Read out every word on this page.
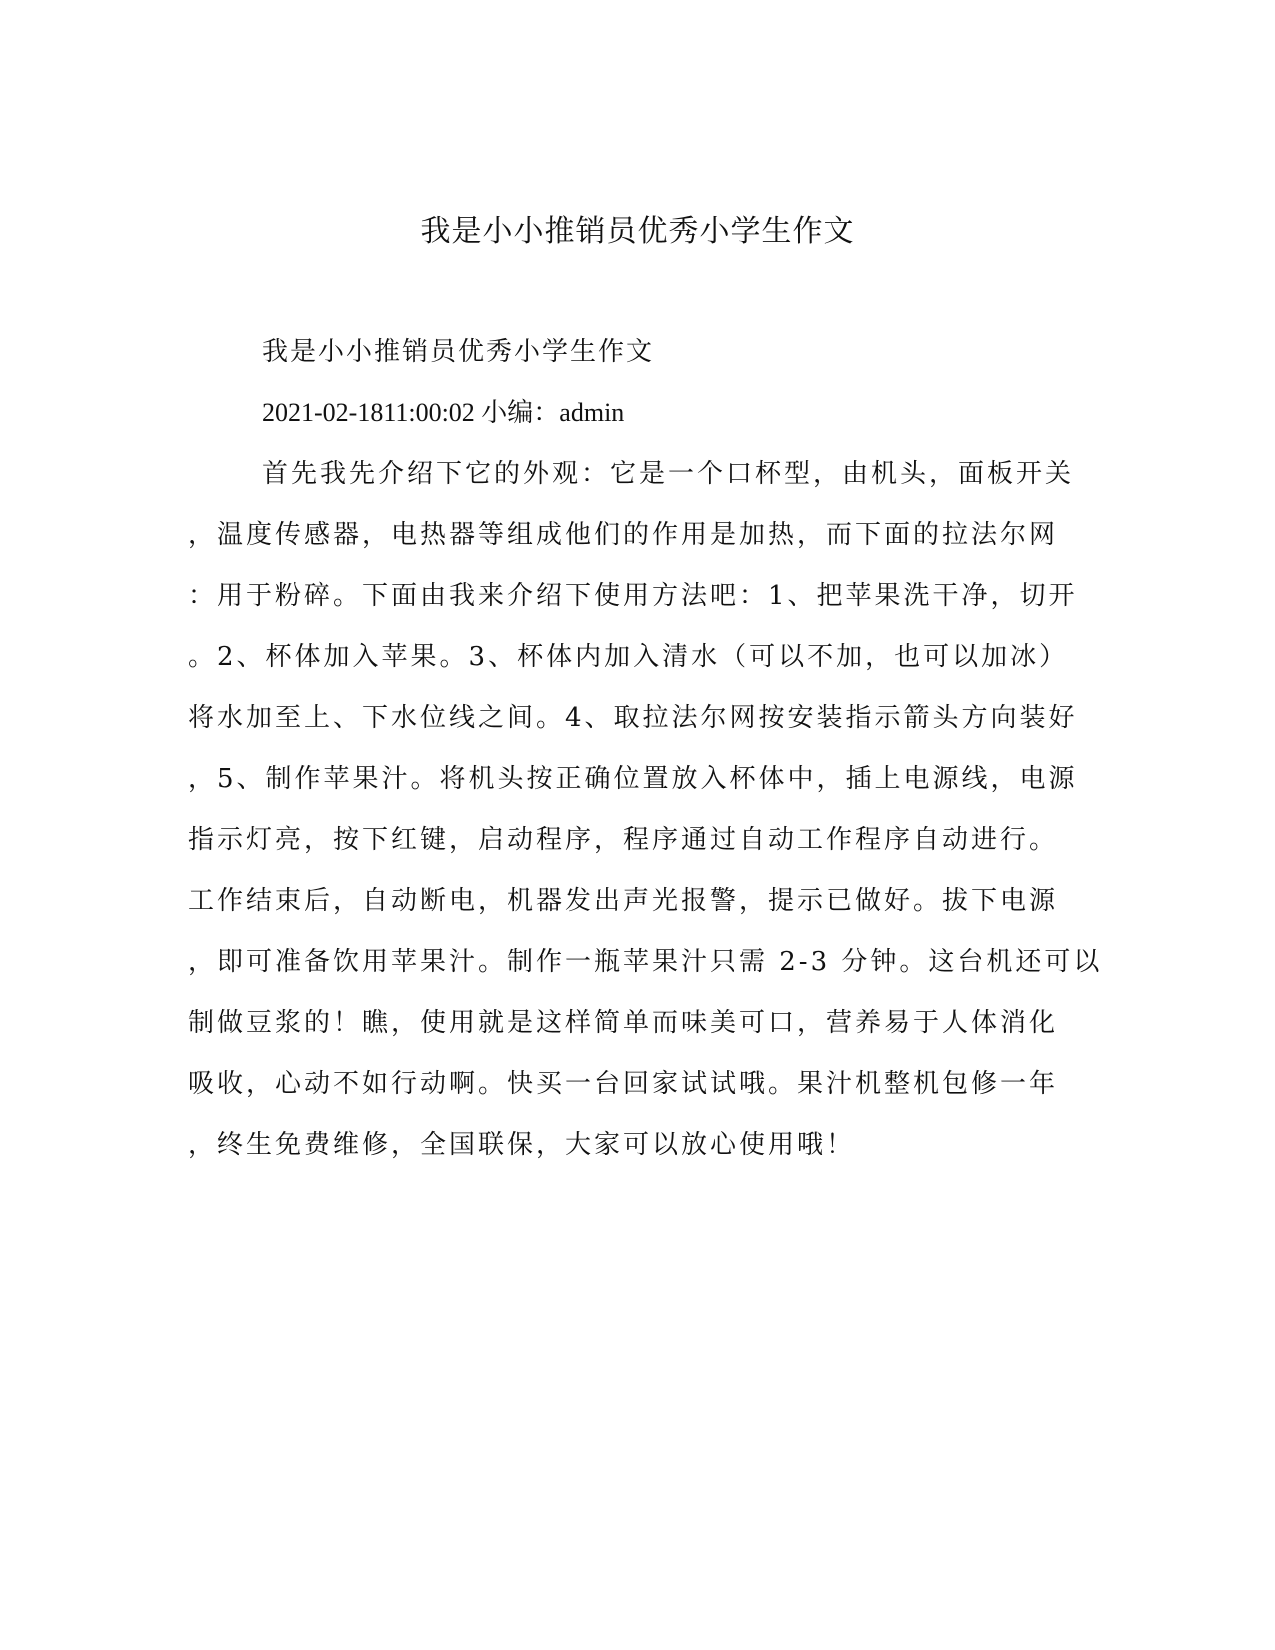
我是小小推销员优秀小学生作文
我是小小推销员优秀小学生作文
2021-02-1811:00:02 小编：admin
首先我先介绍下它的外观：它是一个口杯型，由机头，面板开关
，温度传感器，电热器等组成他们的作用是加热，而下面的拉法尔网
：用于粉碎。下面由我来介绍下使用方法吧：1、把苹果洗干净，切开
。2、杯体加入苹果。3、杯体内加入清水（可以不加，也可以加冰）
将水加至上、下水位线之间。4、取拉法尔网按安装指示箭头方向装好
，5、制作苹果汁。将机头按正确位置放入杯体中，插上电源线，电源
指示灯亮，按下红键，启动程序，程序通过自动工作程序自动进行。
工作结束后，自动断电，机器发出声光报警，提示已做好。拔下电源
，即可准备饮用苹果汁。制作一瓶苹果汁只需 2-3 分钟。这台机还可以
制做豆浆的！瞧，使用就是这样简单而味美可口，营养易于人体消化
吸收，心动不如行动啊。快买一台回家试试哦。果汁机整机包修一年
，终生免费维修，全国联保，大家可以放心使用哦！
